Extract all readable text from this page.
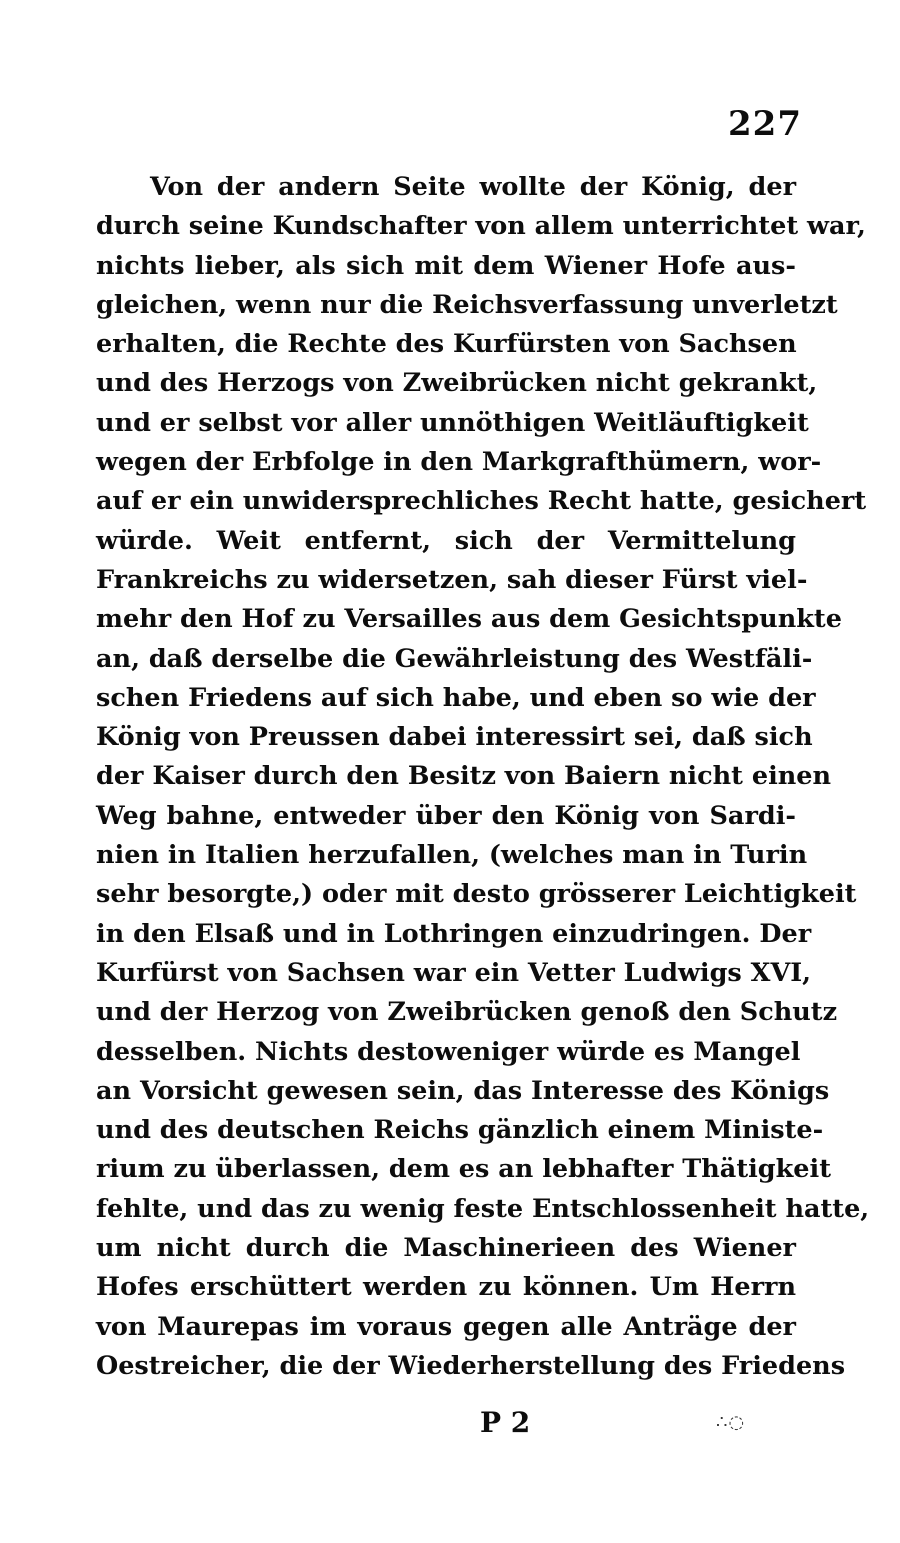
227
Von der andern Seite wollte der König, der
durch seine Kundschafter von allem unterrichtet war,
nichts lieber, als sich mit dem Wiener Hofe aus-
gleichen, wenn nur die Reichsverfassung unverletzt
erhalten, die Rechte des Kurfürsten von Sachsen
und des Herzogs von Zweibrücken nicht gekrankt,
und er selbst vor aller unnöthigen Weitläuftigkeit
wegen der Erbfolge in den Markgrafthümern, wor-
auf er ein unwidersprechliches Recht hatte, gesichert
würde. Weit entfernt, sich der Vermittelung
Frankreichs zu widersetzen, sah dieser Fürst viel-
mehr den Hof zu Versailles aus dem Gesichtspunkte
an, daß derselbe die Gewährleistung des Westfäli-
schen Friedens auf sich habe, und eben so wie der
König von Preussen dabei interessirt sei, daß sich
der Kaiser durch den Besitz von Baiern nicht einen
Weg bahne, entweder über den König von Sardi-
nien in Italien herzufallen, (welches man in Turin
sehr besorgte,) oder mit desto grösserer Leichtigkeit
in den Elsaß und in Lothringen einzudringen. Der
Kurfürst von Sachsen war ein Vetter Ludwigs XVI,
und der Herzog von Zweibrücken genoß den Schutz
desselben. Nichts destoweniger würde es Mangel
an Vorsicht gewesen sein, das Interesse des Königs
und des deutschen Reichs gänzlich einem Ministe-
rium zu überlassen, dem es an lebhafter Thätigkeit
fehlte, und das zu wenig feste Entschlossenheit hatte,
um nicht durch die Maschinerieen des Wiener
Hofes erschüttert werden zu können. Um Herrn
von Maurepas im voraus gegen alle Anträge der
Oestreicher, die der Wiederherstellung des Friedens
P 2	∴◌
